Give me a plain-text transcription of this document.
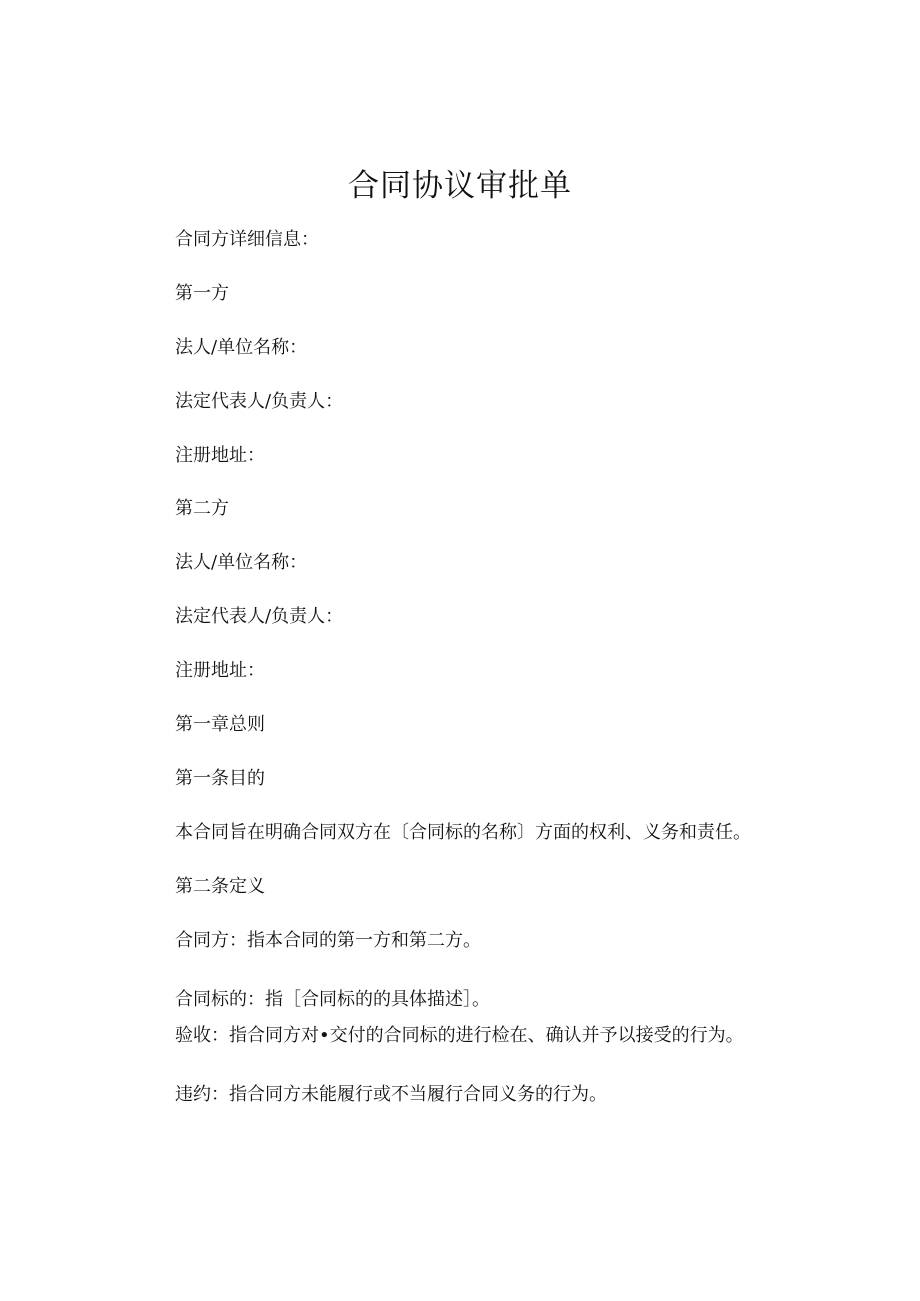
合同协议审批单
合同方详细信息：
第一方
法人/单位名称：
法定代表人/负责人：
注册地址：
第二方
法人/单位名称：
法定代表人/负责人：
注册地址：
第一章总则
第一条目的
本合同旨在明确合同双方在〔合同标的名称〕方面的权利、义务和责任。
第二条定义
合同方：指本合同的第一方和第二方。
合同标的：指［合同标的的具体描述］。
验收：指合同方对•交付的合同标的进行检在、确认并予以接受的行为。
违约：指合同方未能履行或不当履行合同义务的行为。
